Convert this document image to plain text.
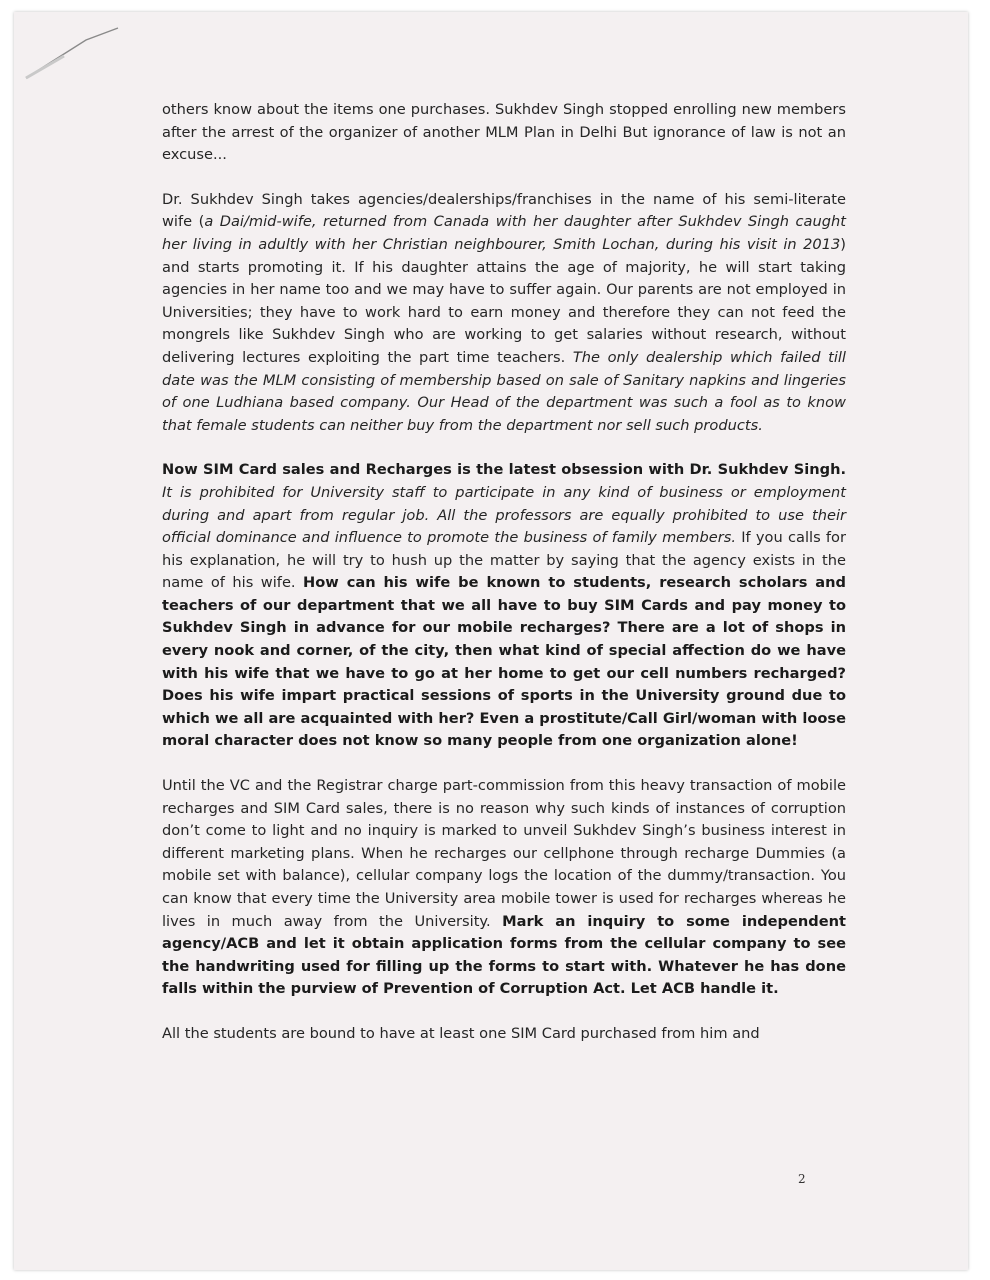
others know about the items one purchases. Sukhdev Singh stopped enrolling new members after the arrest of the organizer of another MLM Plan in Delhi But ignorance of law is not an excuse...

Dr. Sukhdev Singh takes agencies/dealerships/franchises in the name of his semi-literate wife (a Dai/mid-wife, returned from Canada with her daughter after Sukhdev Singh caught her living in adultly with her Christian neighbourer, Smith Lochan, during his visit in 2013) and starts promoting it. If his daughter attains the age of majority, he will start taking agencies in her name too and we may have to suffer again. Our parents are not employed in Universities; they have to work hard to earn money and therefore they can not feed the mongrels like Sukhdev Singh who are working to get salaries without research, without delivering lectures exploiting the part time teachers. The only dealership which failed till date was the MLM consisting of membership based on sale of Sanitary napkins and lingeries of one Ludhiana based company. Our Head of the department was such a fool as to know that female students can neither buy from the department nor sell such products.

Now SIM Card sales and Recharges is the latest obsession with Dr. Sukhdev Singh. It is prohibited for University staff to participate in any kind of business or employment during and apart from regular job. All the professors are equally prohibited to use their official dominance and influence to promote the business of family members. If you calls for his explanation, he will try to hush up the matter by saying that the agency exists in the name of his wife. How can his wife be known to students, research scholars and teachers of our department that we all have to buy SIM Cards and pay money to Sukhdev Singh in advance for our mobile recharges? There are a lot of shops in every nook and corner, of the city, then what kind of special affection do we have with his wife that we have to go at her home to get our cell numbers recharged? Does his wife impart practical sessions of sports in the University ground due to which we all are acquainted with her? Even a prostitute/Call Girl/woman with loose moral character does not know so many people from one organization alone!

Until the VC and the Registrar charge part-commission from this heavy transaction of mobile recharges and SIM Card sales, there is no reason why such kinds of instances of corruption don’t come to light and no inquiry is marked to unveil Sukhdev Singh’s business interest in different marketing plans. When he recharges our cellphone through recharge Dummies (a mobile set with balance), cellular company logs the location of the dummy/transaction. You can know that every time the University area mobile tower is used for recharges whereas he lives in much away from the University. Mark an inquiry to some independent agency/ACB and let it obtain application forms from the cellular company to see the handwriting used for filling up the forms to start with. Whatever he has done falls within the purview of Prevention of Corruption Act. Let ACB handle it.

All the students are bound to have at least one SIM Card purchased from him and

2
